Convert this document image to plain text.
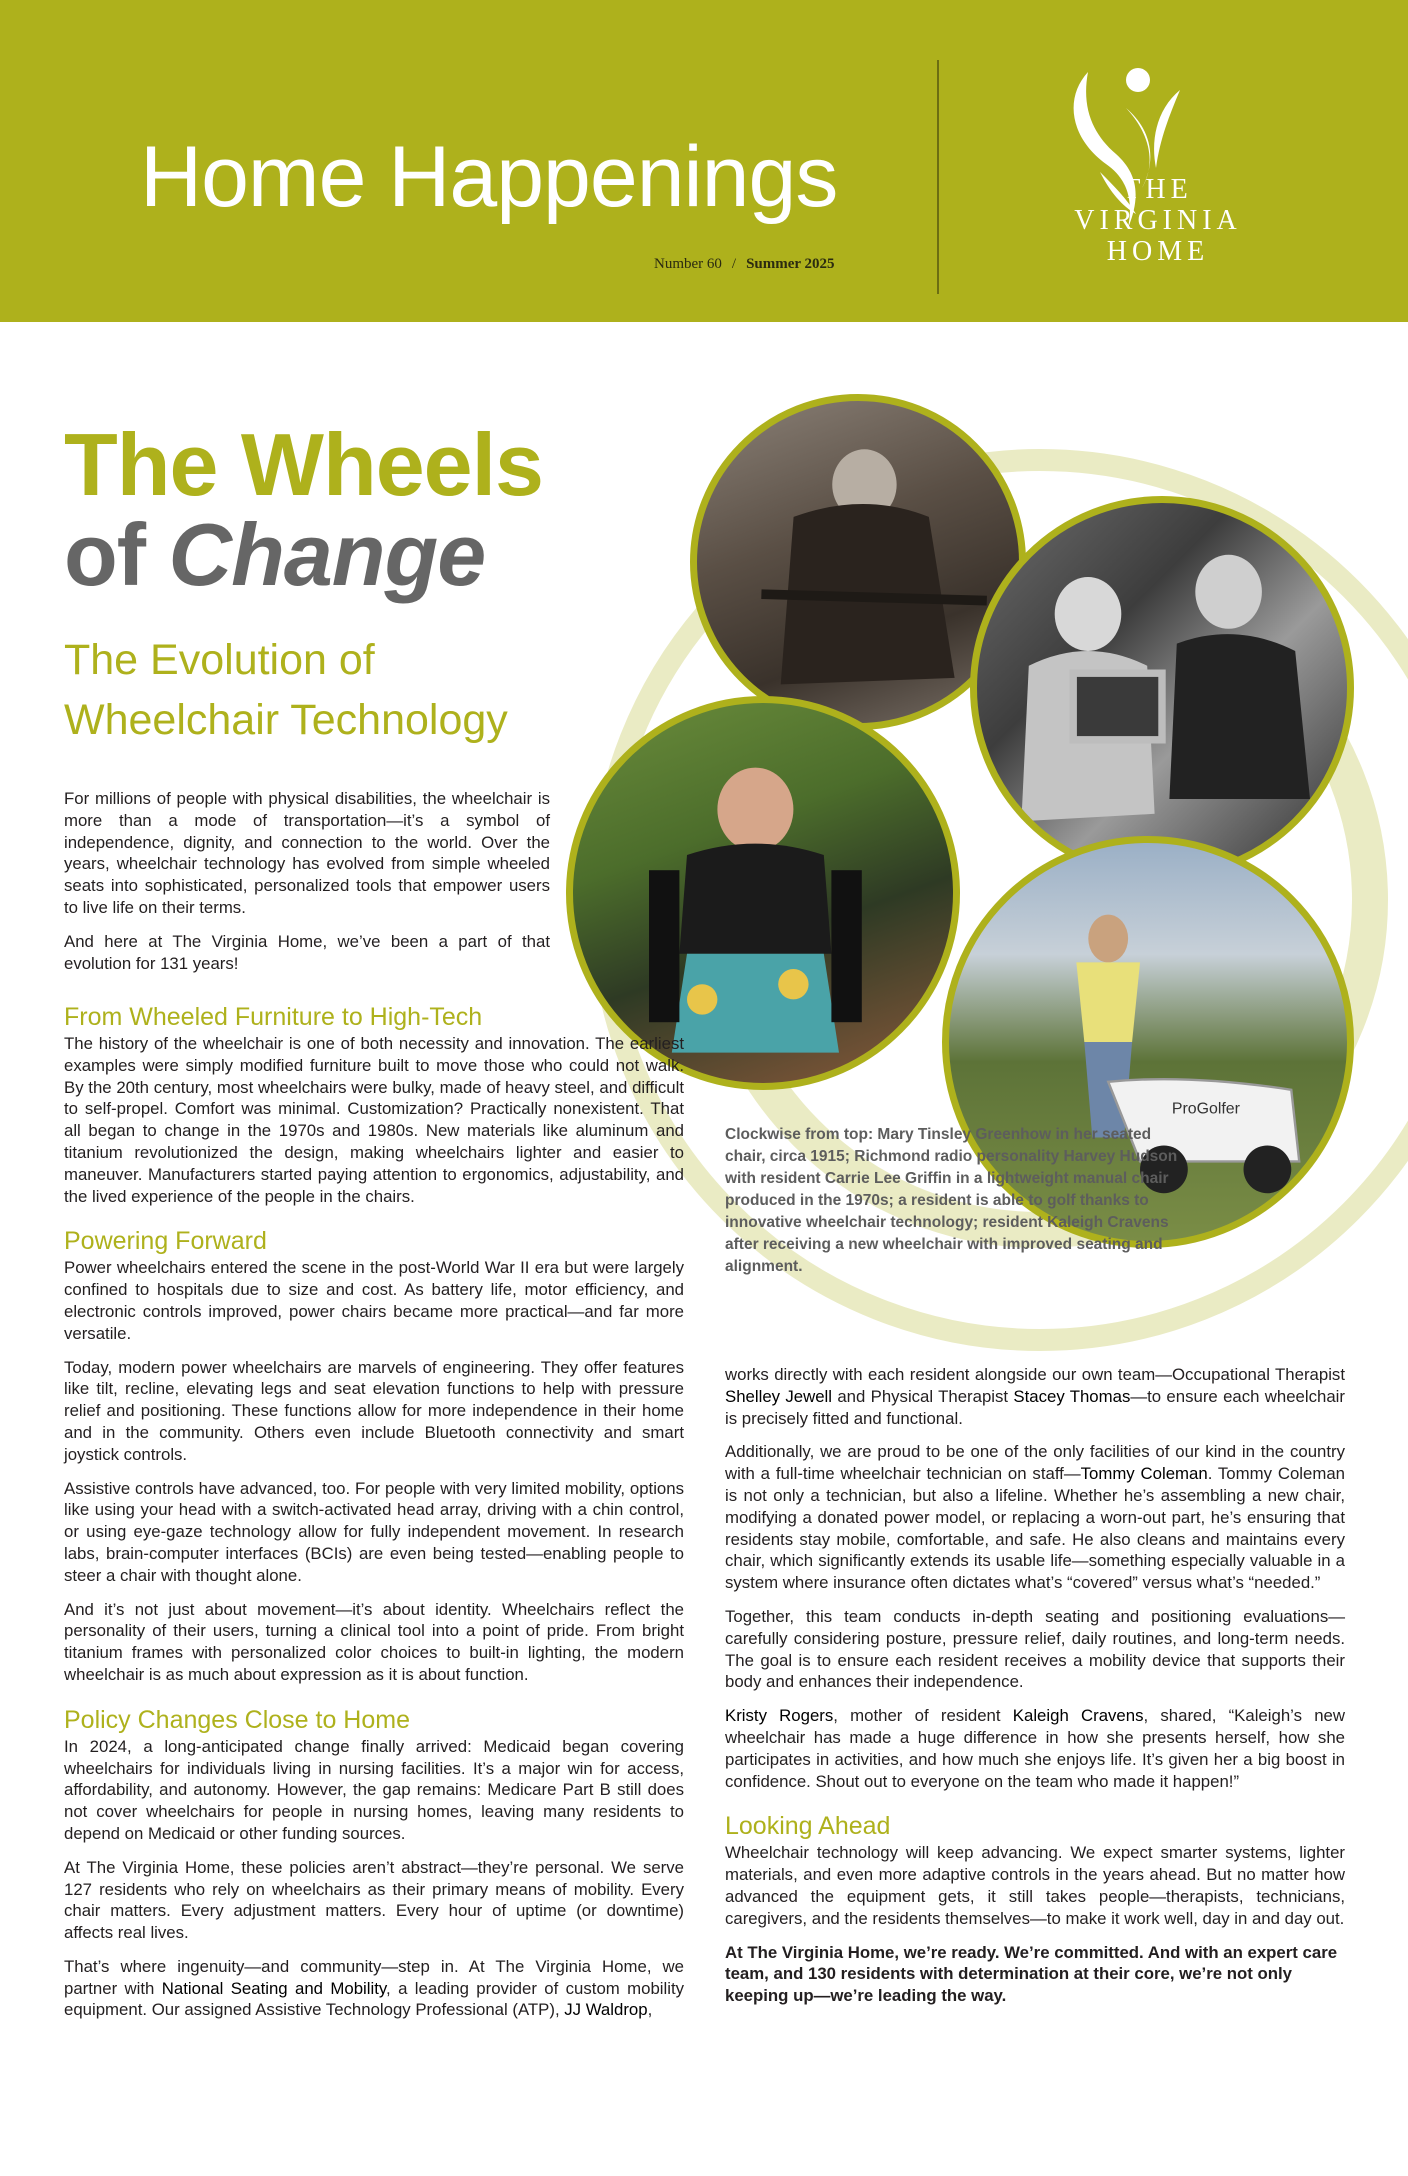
Home Happenings
Number 60 / Summer 2025
THE
VIRGINIA
HOME
The Wheels
of Change
The Evolution of
Wheelchair Technology
ProGolfer
Clockwise from top: Mary Tinsley Greenhow in her seated chair, circa 1915; Richmond radio personality Harvey Hudson with resident Carrie Lee Griffin in a lightweight manual chair produced in the 1970s; a resident is able to golf thanks to innovative wheelchair technology; resident Kaleigh Cravens after receiving a new wheelchair with improved seating and alignment.

For millions of people with physical disabilities, the wheelchair is more than a mode of transportation—it’s a symbol of independence, dignity, and connection to the world. Over the years, wheelchair technology has evolved from simple wheeled seats into sophisticated, personalized tools that empower users to live life on their terms.

And here at The Virginia Home, we’ve been a part of that evolution for 131 years!

From Wheeled Furniture to High-Tech

The history of the wheelchair is one of both necessity and innovation. The earliest examples were simply modified furniture built to move those who could not walk. By the 20th century, most wheelchairs were bulky, made of heavy steel, and difficult to self-propel. Comfort was minimal. Customization? Practically nonexistent. That all began to change in the 1970s and 1980s. New materials like aluminum and titanium revolutionized the design, making wheelchairs lighter and easier to maneuver. Manufacturers started paying attention to ergonomics, adjustability, and the lived experience of the people in the chairs.

Powering Forward

Power wheelchairs entered the scene in the post-World War II era but were largely confined to hospitals due to size and cost. As battery life, motor efficiency, and electronic controls improved, power chairs became more practical—and far more versatile.

Today, modern power wheelchairs are marvels of engineering. They offer features like tilt, recline, elevating legs and seat elevation functions to help with pressure relief and positioning. These functions allow for more independence in their home and in the community. Others even include Bluetooth connectivity and smart joystick controls.

Assistive controls have advanced, too. For people with very limited mobility, options like using your head with a switch-activated head array, driving with a chin control, or using eye-gaze technology allow for fully independent movement. In research labs, brain-computer interfaces (BCIs) are even being tested—enabling people to steer a chair with thought alone.

And it’s not just about movement—it’s about identity. Wheelchairs reflect the personality of their users, turning a clinical tool into a point of pride. From bright titanium frames with personalized color choices to built-in lighting, the modern wheelchair is as much about expression as it is about function.

Policy Changes Close to Home

In 2024, a long-anticipated change finally arrived: Medicaid began covering wheelchairs for individuals living in nursing facilities. It’s a major win for access, affordability, and autonomy. However, the gap remains: Medicare Part B still does not cover wheelchairs for people in nursing homes, leaving many residents to depend on Medicaid or other funding sources.

At The Virginia Home, these policies aren’t abstract—they’re personal. We serve 127 residents who rely on wheelchairs as their primary means of mobility. Every chair matters. Every adjustment matters. Every hour of uptime (or downtime) affects real lives.

That’s where ingenuity—and community—step in. At The Virginia Home, we partner with National Seating and Mobility, a leading provider of custom mobility equipment. Our assigned Assistive Technology Professional (ATP), JJ Waldrop,

works directly with each resident alongside our own team—Occupational Therapist Shelley Jewell and Physical Therapist Stacey Thomas—to ensure each wheelchair is precisely fitted and functional.

Additionally, we are proud to be one of the only facilities of our kind in the country with a full-time wheelchair technician on staff—Tommy Coleman. Tommy Coleman is not only a technician, but also a lifeline. Whether he’s assembling a new chair, modifying a donated power model, or replacing a worn-out part, he’s ensuring that residents stay mobile, comfortable, and safe. He also cleans and maintains every chair, which significantly extends its usable life—something especially valuable in a system where insurance often dictates what’s “covered” versus what’s “needed.”

Together, this team conducts in-depth seating and positioning evaluations—carefully considering posture, pressure relief, daily routines, and long-term needs. The goal is to ensure each resident receives a mobility device that supports their body and enhances their independence.

Kristy Rogers, mother of resident Kaleigh Cravens, shared, “Kaleigh’s new wheelchair has made a huge difference in how she presents herself, how she participates in activities, and how much she enjoys life. It’s given her a big boost in confidence. Shout out to everyone on the team who made it happen!”

Looking Ahead

Wheelchair technology will keep advancing. We expect smarter systems, lighter materials, and even more adaptive controls in the years ahead. But no matter how advanced the equipment gets, it still takes people—therapists, technicians, caregivers, and the residents themselves—to make it work well, day in and day out.

At The Virginia Home, we’re ready. We’re committed. And with an expert care team, and 130 residents with determination at their core, we’re not only keeping up—we’re leading the way.
